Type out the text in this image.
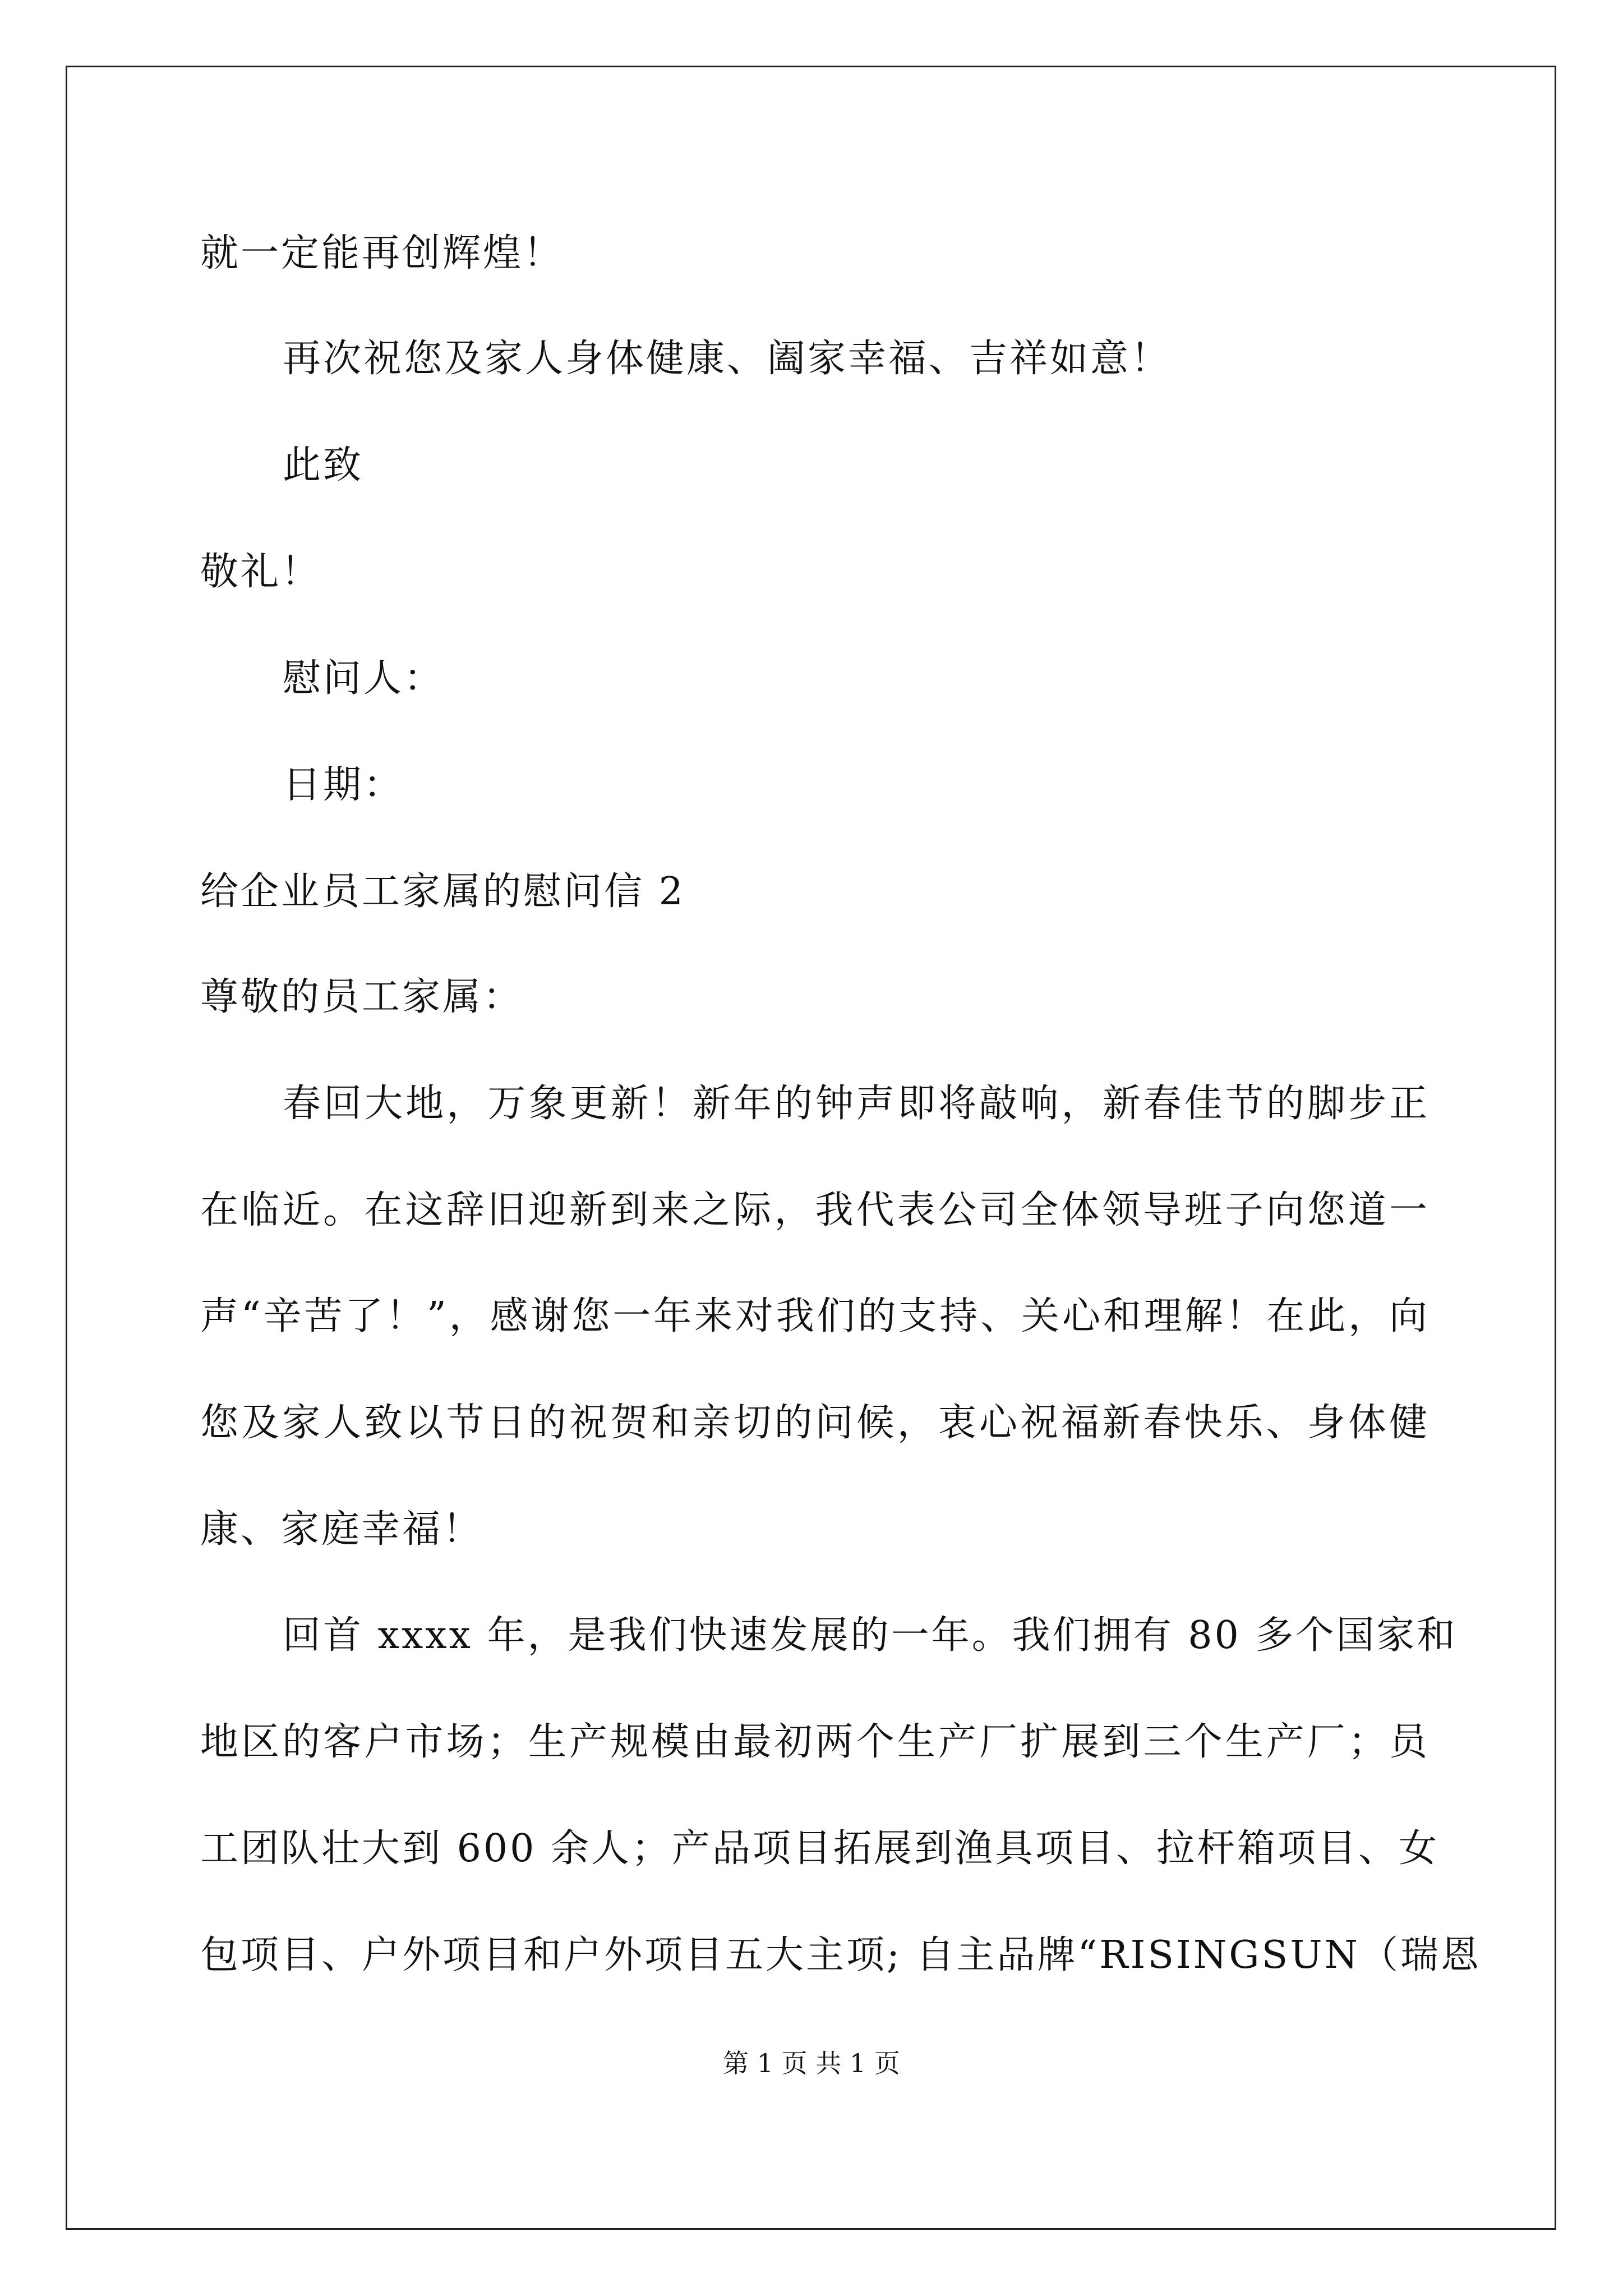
就一定能再创辉煌！
再次祝您及家人身体健康、阖家幸福、吉祥如意！
此致
敬礼！
慰问人：
日期：
给企业员工家属的慰问信 2
尊敬的员工家属：
春回大地，万象更新！新年的钟声即将敲响，新春佳节的脚步正
在临近。在这辞旧迎新到来之际，我代表公司全体领导班子向您道一
声“辛苦了！”，感谢您一年来对我们的支持、关心和理解！在此，向
您及家人致以节日的祝贺和亲切的问候，衷心祝福新春快乐、身体健
康、家庭幸福！
回首 xxxx 年，是我们快速发展的一年。我们拥有 80 多个国家和
地区的客户市场；生产规模由最初两个生产厂扩展到三个生产厂；员
工团队壮大到 600 余人；产品项目拓展到渔具项目、拉杆箱项目、女
包项目、户外项目和户外项目五大主项; 自主品牌“RISINGSUN（瑞恩
第 1 页 共 1 页
